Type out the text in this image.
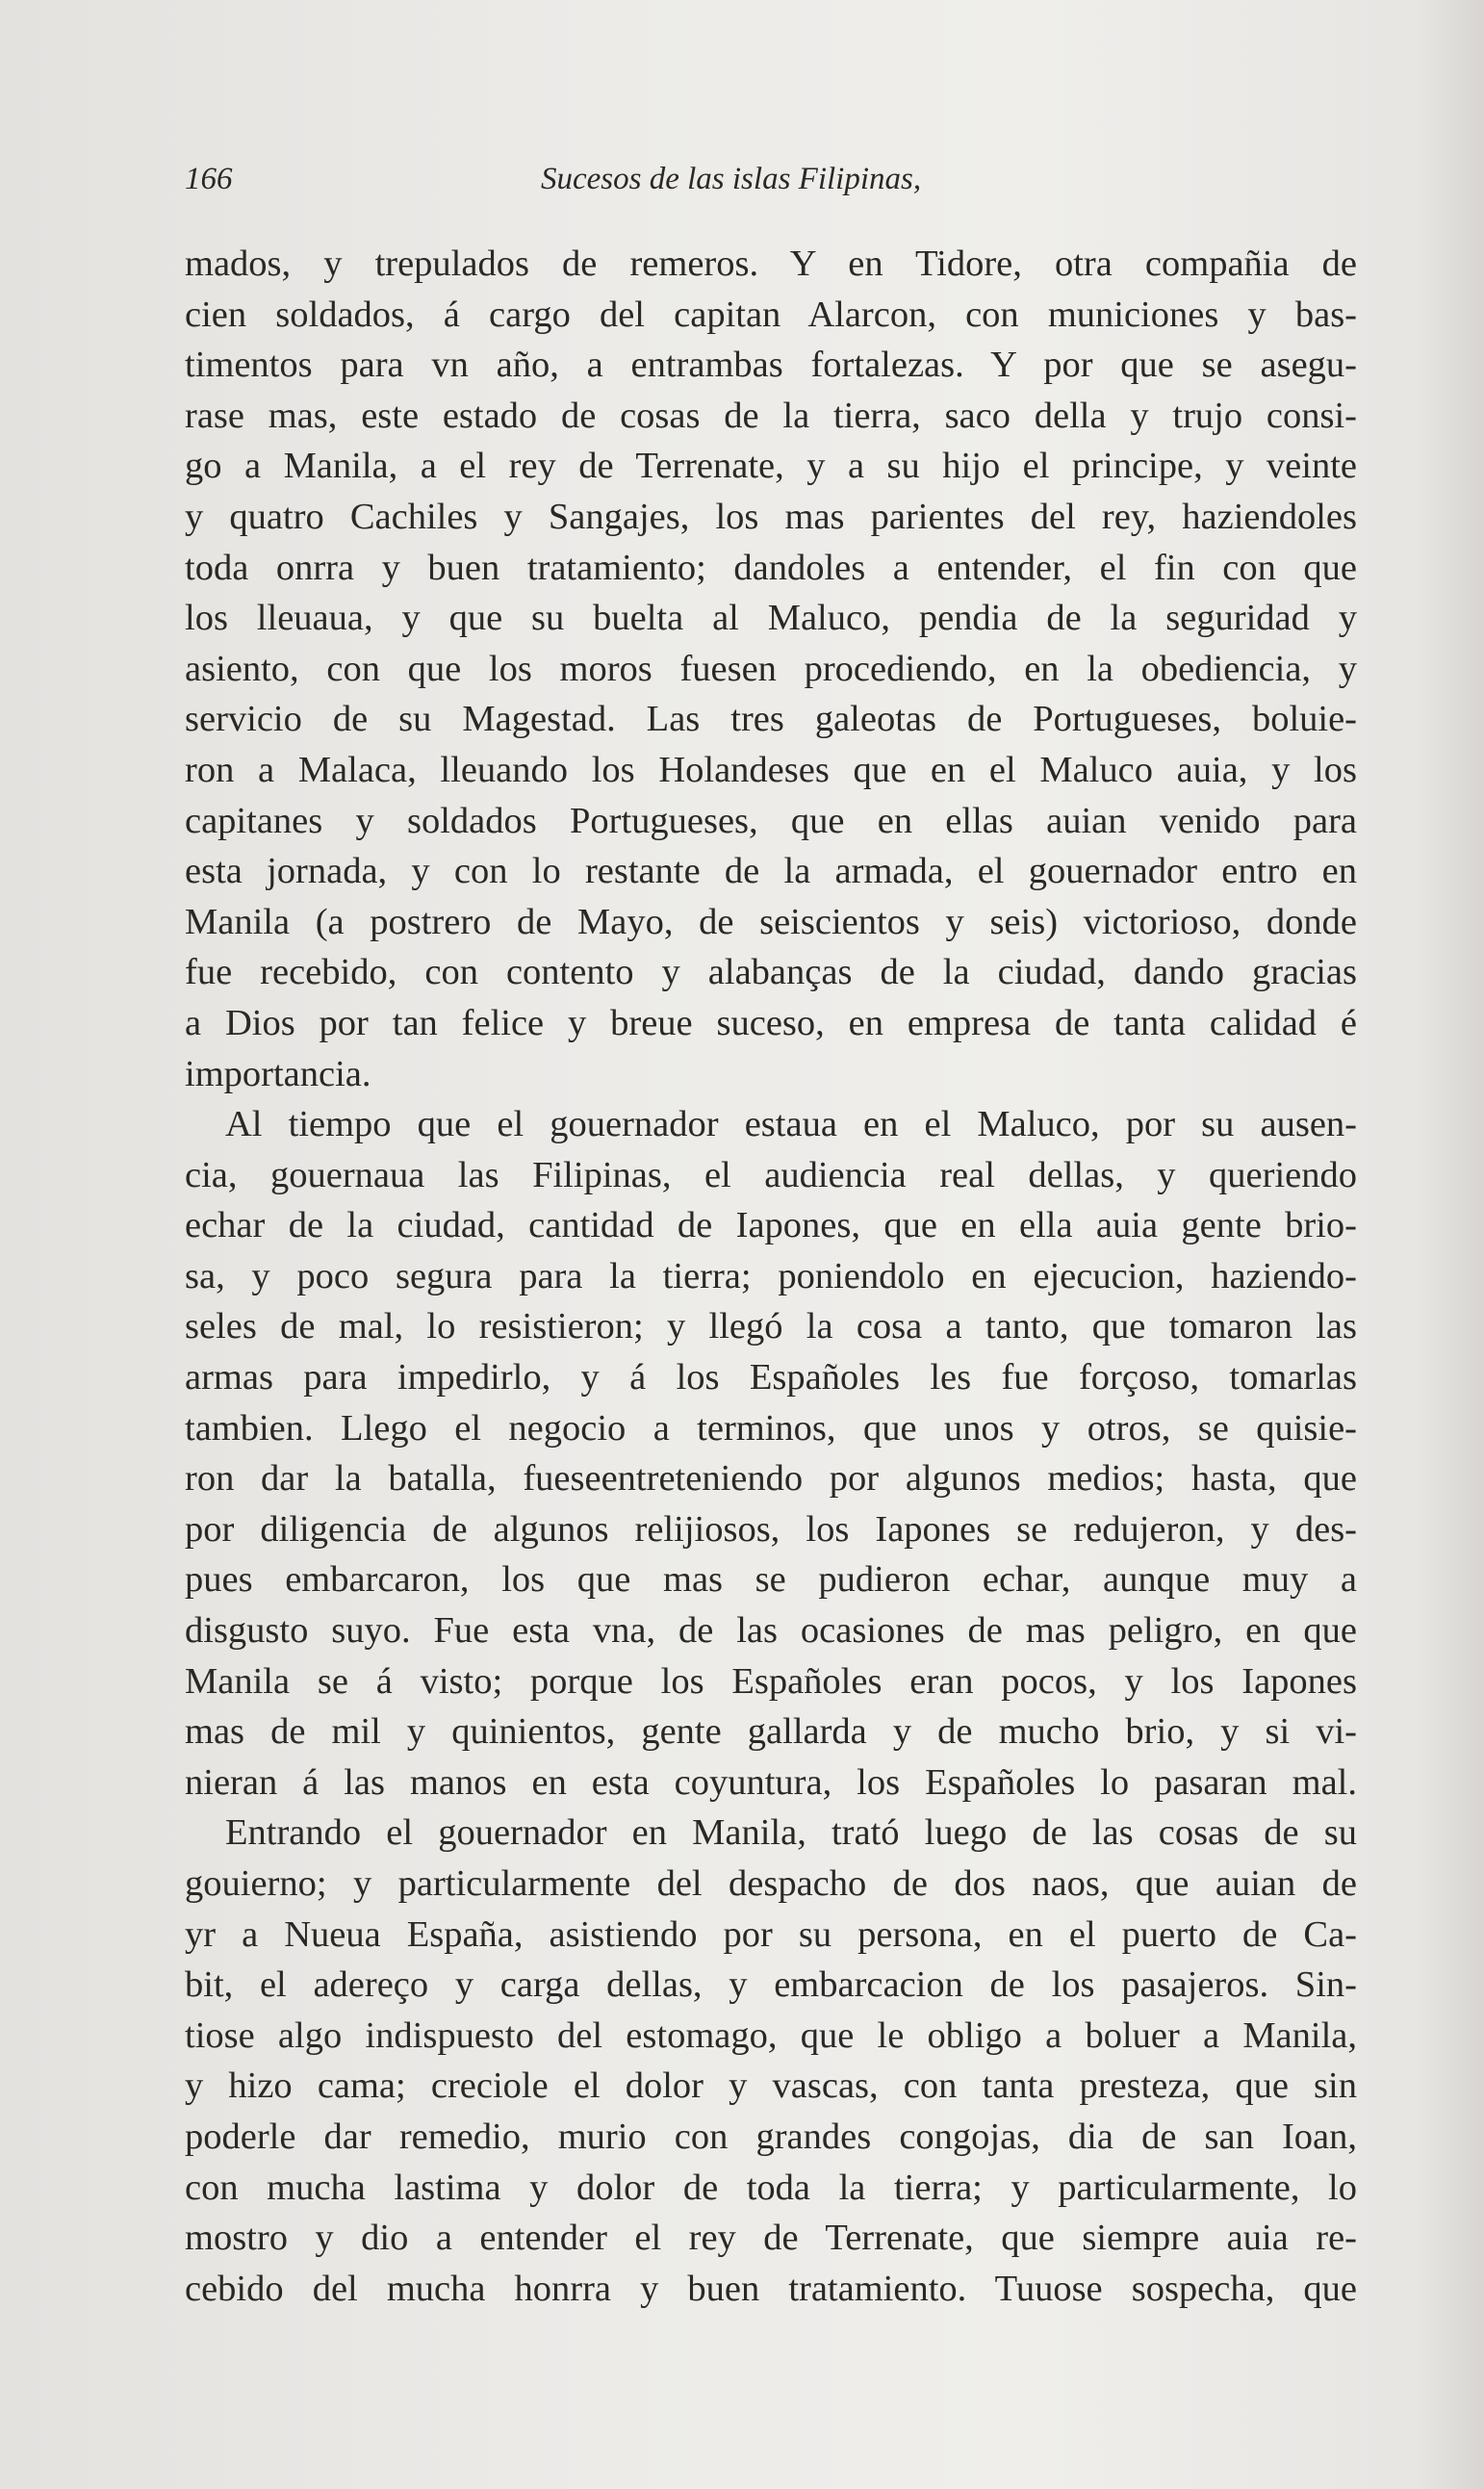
166	Sucesos de las islas Filipinas,
mados, y trepulados de remeros. Y en Tidore, otra compañia de
cien soldados, á cargo del capitan Alarcon, con municiones y bas-
timentos para vn año, a entrambas fortalezas. Y por que se asegu-
rase mas, este estado de cosas de la tierra, saco della y trujo consi-
go a Manila, a el rey de Terrenate, y a su hijo el principe, y veinte
y quatro Cachiles y Sangajes, los mas parientes del rey, haziendoles
toda onrra y buen tratamiento; dandoles a entender, el fin con que
los lleuaua, y que su buelta al Maluco, pendia de la seguridad y
asiento, con que los moros fuesen procediendo, en la obediencia, y
servicio de su Magestad. Las tres galeotas de Portugueses, boluie-
ron a Malaca, lleuando los Holandeses que en el Maluco auia, y los
capitanes y soldados Portugueses, que en ellas auian venido para
esta jornada, y con lo restante de la armada, el gouernador entro en
Manila (a postrero de Mayo, de seiscientos y seis) victorioso, donde
fue recebido, con contento y alabanças de la ciudad, dando gracias
a Dios por tan felice y breue suceso, en empresa de tanta calidad é
importancia.
Al tiempo que el gouernador estaua en el Maluco, por su ausen-
cia, gouernaua las Filipinas, el audiencia real dellas, y queriendo
echar de la ciudad, cantidad de Iapones, que en ella auia gente brio-
sa, y poco segura para la tierra; poniendolo en ejecucion, haziendo-
seles de mal, lo resistieron; y llegó la cosa a tanto, que tomaron las
armas para impedirlo, y á los Españoles les fue forçoso, tomarlas
tambien. Llego el negocio a terminos, que unos y otros, se quisie-
ron dar la batalla, fueseentreteniendo por algunos medios; hasta, que
por diligencia de algunos relijiosos, los Iapones se redujeron, y des-
pues embarcaron, los que mas se pudieron echar, aunque muy a
disgusto suyo. Fue esta vna, de las ocasiones de mas peligro, en que
Manila se á visto; porque los Españoles eran pocos, y los Iapones
mas de mil y quinientos, gente gallarda y de mucho brio, y si vi-
nieran á las manos en esta coyuntura, los Españoles lo pasaran mal.
Entrando el gouernador en Manila, trató luego de las cosas de su
gouierno; y particularmente del despacho de dos naos, que auian de
yr a Nueua España, asistiendo por su persona, en el puerto de Ca-
bit, el adereço y carga dellas, y embarcacion de los pasajeros. Sin-
tiose algo indispuesto del estomago, que le obligo a boluer a Manila,
y hizo cama; creciole el dolor y vascas, con tanta presteza, que sin
poderle dar remedio, murio con grandes congojas, dia de san Ioan,
con mucha lastima y dolor de toda la tierra; y particularmente, lo
mostro y dio a entender el rey de Terrenate, que siempre auia re-
cebido del mucha honrra y buen tratamiento. Tuuose sospecha, que
